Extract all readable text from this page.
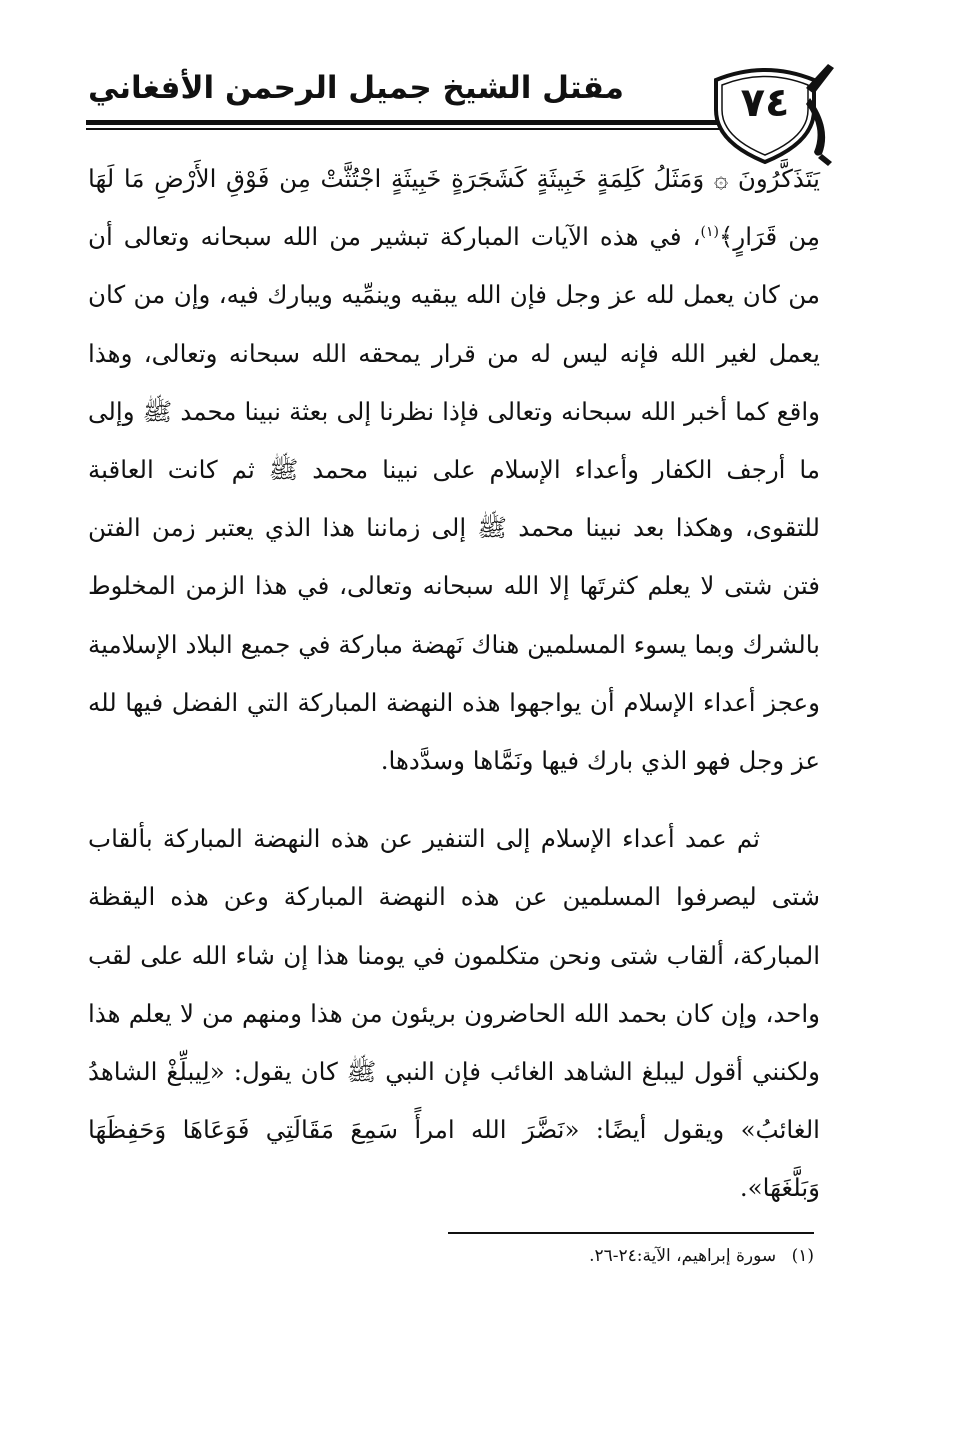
مقتل الشيخ جميل الرحمن الأفغاني	٧٤

يَتَذَكَّرُونَ ۞ وَمَثَلُ كَلِمَةٍ خَبِيثَةٍ كَشَجَرَةٍ خَبِيثَةٍ اجْتُثَّتْ مِن فَوْقِ الأَرْضِ مَا لَهَا مِن قَرَارٍ﴾$^{(١)}$، في هذه الآيات المباركة تبشير من الله سبحانه وتعالى أن من كان يعمل لله عز وجل فإن الله يبقيه وينمِّيه ويبارك فيه، وإن من كان يعمل لغير الله فإنه ليس له من قرار يمحقه الله سبحانه وتعالى، وهذا واقع كما أخبر الله سبحانه وتعالى فإذا نظرنا إلى بعثة نبينا محمد ﷺ وإلى ما أرجف الكفار وأعداء الإسلام على نبينا محمد ﷺ ثم كانت العاقبة للتقوى، وهكذا بعد نبينا محمد ﷺ إلى زماننا هذا الذي يعتبر زمن الفتن فتن شتى لا يعلم كثرتَها إلا الله سبحانه وتعالى، في هذا الزمن المخلوط بالشرك وبما يسوء المسلمين هناك نَهضة مباركة في جميع البلاد الإسلامية وعجز أعداء الإسلام أن يواجهوا هذه النهضة المباركة التي الفضل فيها لله عز وجل فهو الذي بارك فيها ونَمَّاها وسدَّدها.

ثم عمد أعداء الإسلام إلى التنفير عن هذه النهضة المباركة بألقاب شتى ليصرفوا المسلمين عن هذه النهضة المباركة وعن هذه اليقظة المباركة، ألقاب شتى ونحن متكلمون في يومنا هذا إن شاء الله على لقب واحد، وإن كان بحمد الله الحاضرون بريئون من هذا ومنهم من لا يعلم هذا ولكنني أقول ليبلغ الشاهد الغائب فإن النبي ﷺ كان يقول: «لِيبلِّغْ الشاهدُ الغائبُ» ويقول أيضًا: «نَضَّرَ الله امرأً سَمِعَ مَقَالَتِي فَوَعَاهَا وَحَفِظَهَا وَبَلَّغَهَا».

(١) سورة إبراهيم، الآية:٢٤-٢٦.
